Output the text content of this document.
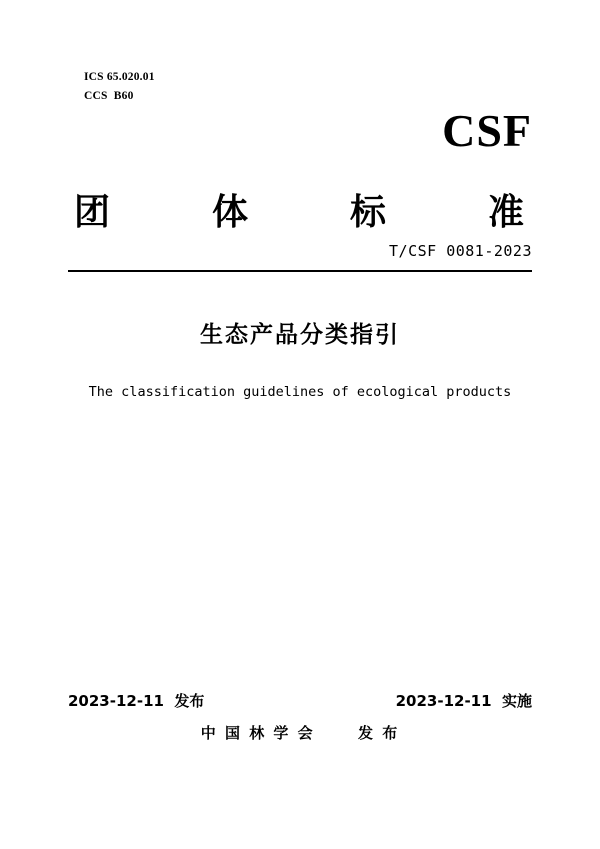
ICS 65.020.01
CCS  B60
CSF
团	体	标	准
T/CSF 0081-2023
生态产品分类指引
The classification guidelines of ecological products
2023-12-11  发布	2023-12-11  实施
中 国 林 学 会      发 布
